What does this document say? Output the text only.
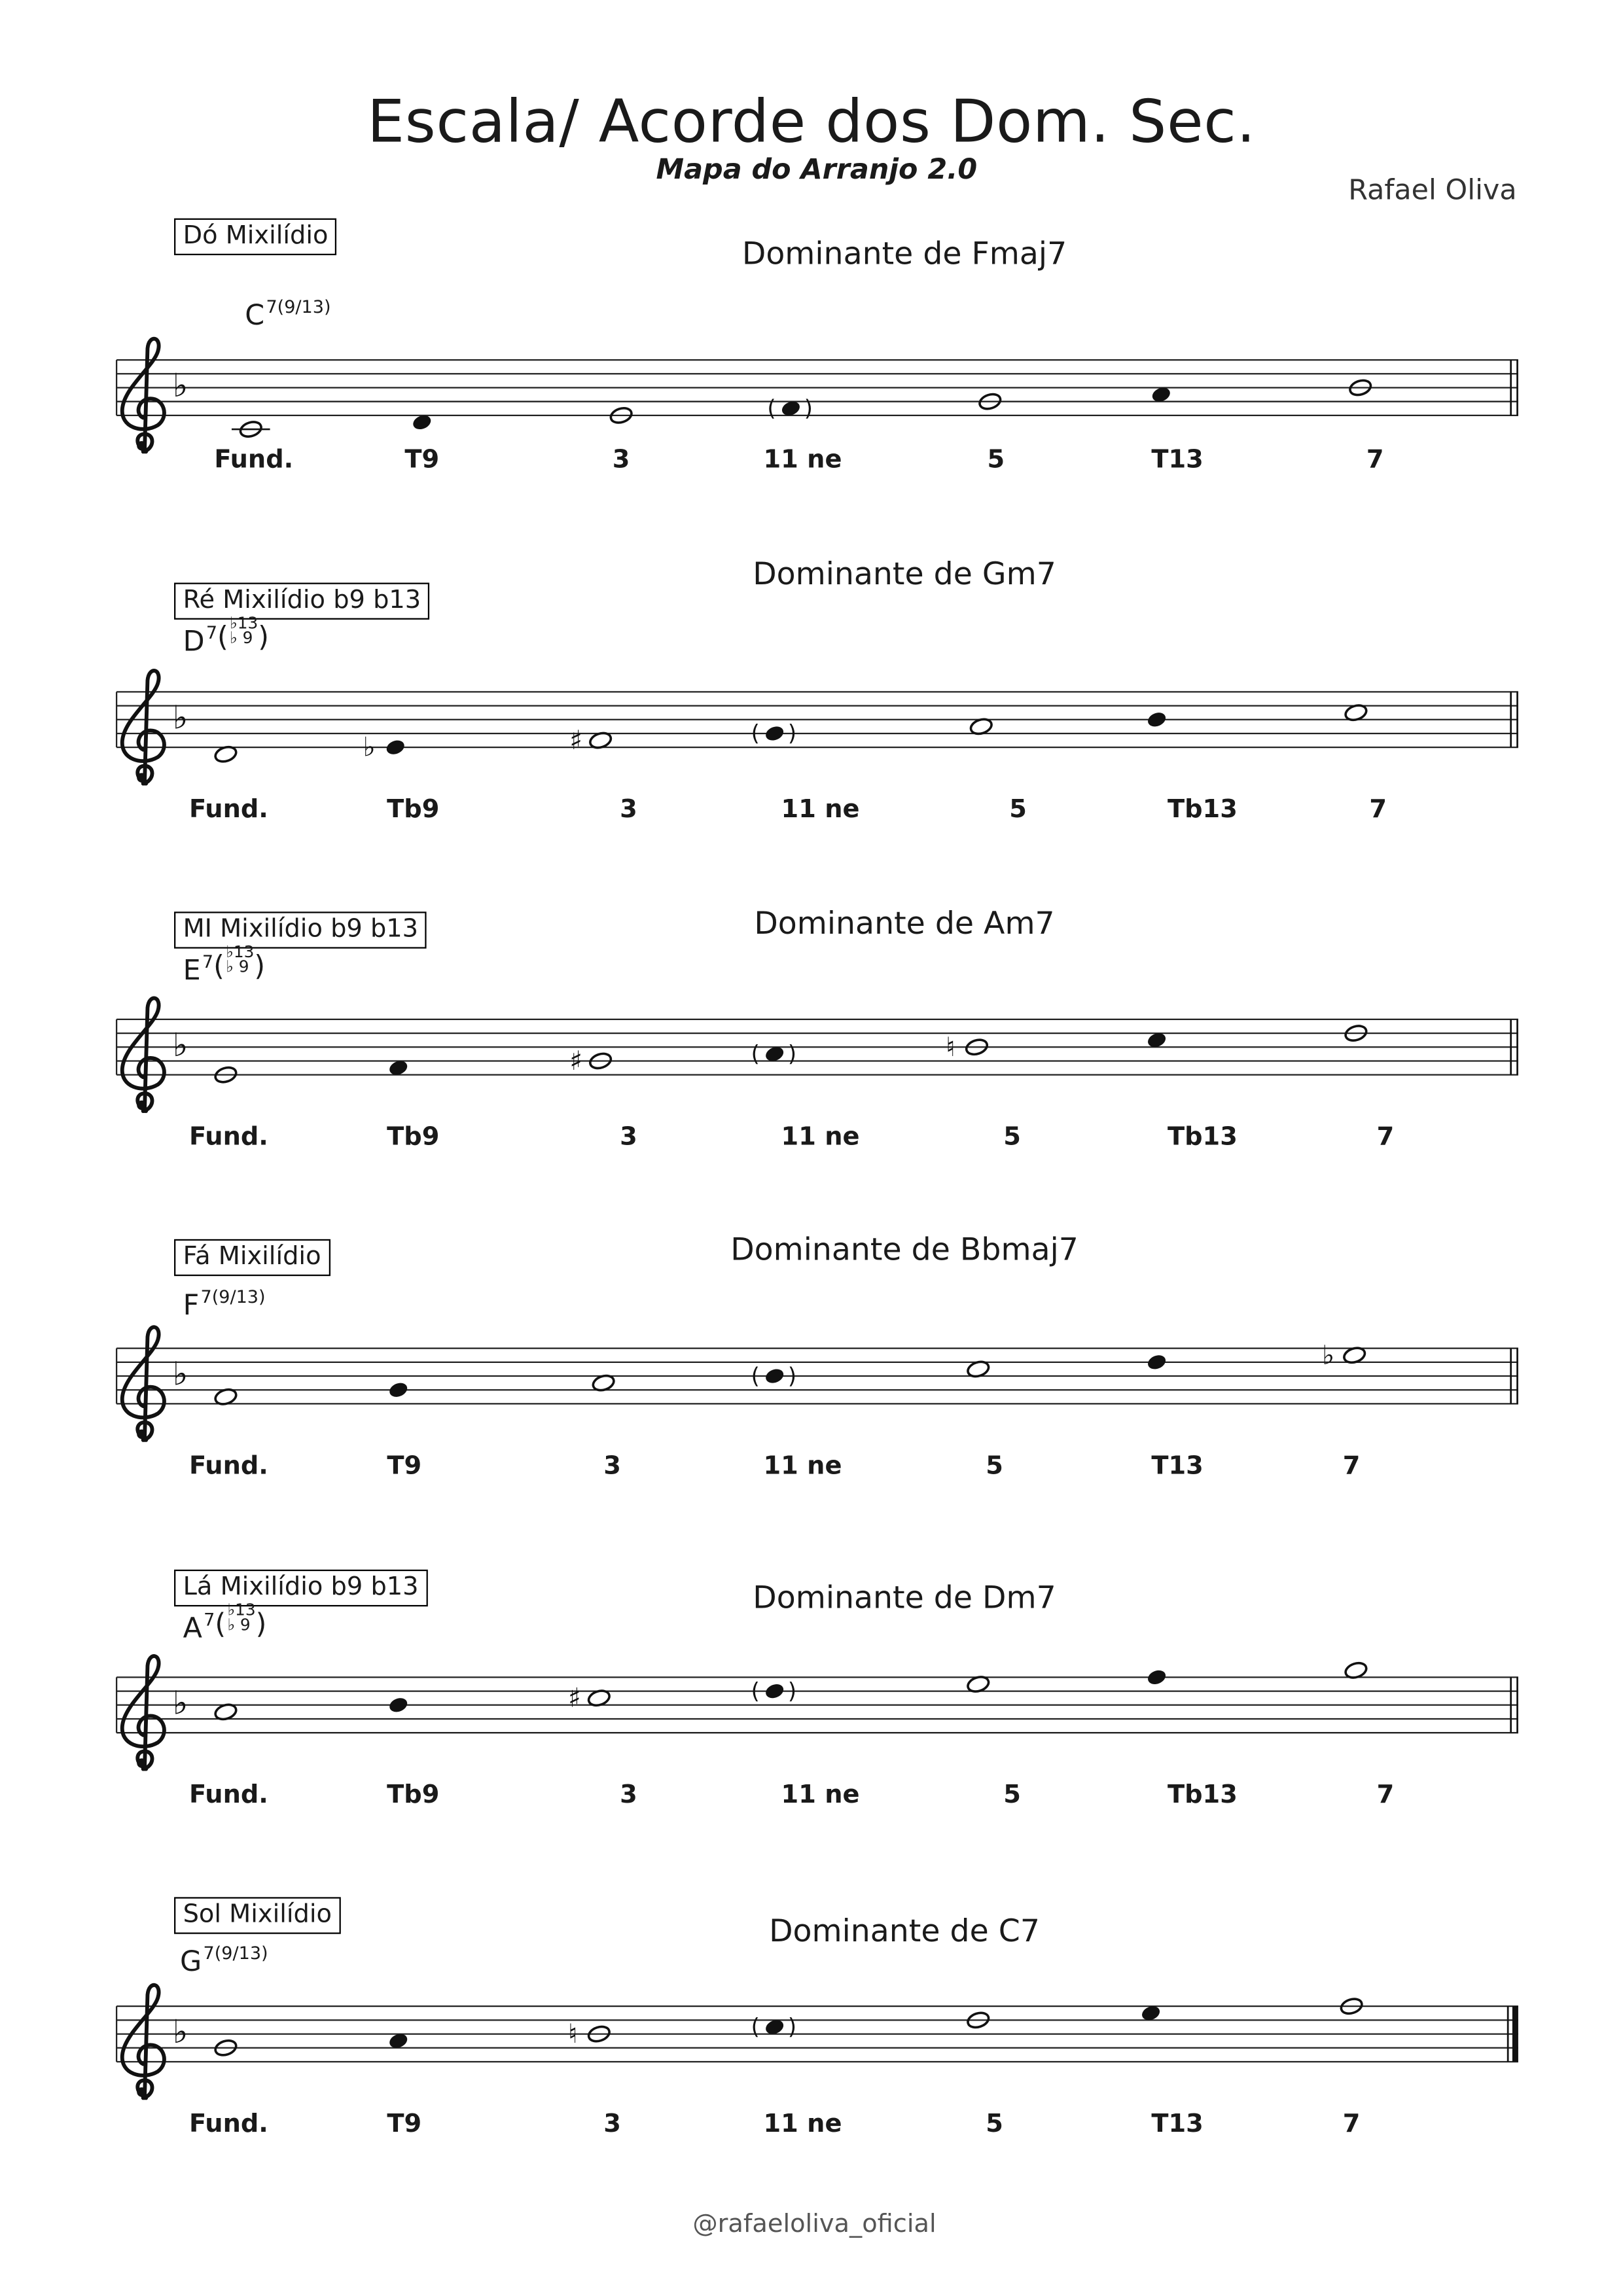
Escala/ Acorde dos Dom. Sec.
Mapa do Arranjo 2.0
Rafael Oliva
Dó Mixilídio
Dominante de Fmaj7
C $^{7(9/13)}$
♭
(	)
Fund.	T9	3	11 ne	5	T13	7
Ré Mixilídio b9 b13
Dominante de Gm7
D $^7$( ♭13
♭ 9 )
♭
♭	♯	(	)
Fund.	Tb9	3	11 ne	5	Tb13	7
MI Mixilídio b9 b13	Dominante de Am7
E $^7$( ♭13
♭ 9 )
♭	♯	(	)	♮
Fund.	Tb9	3	11 ne	5	Tb13	7
Fá Mixilídio	Dominante de Bbmaj7
F $^{7(9/13)}$
♭	(	)
♭
Fund.	T9	3	11 ne	5	T13	7
Lá Mixilídio b9 b13	Dominante de Dm7
A $^7$( ♭13
♭ 9 )
♭	♯	(	)
Fund.	Tb9	3	11 ne	5	Tb13	7
Sol Mixilídio	Dominante de C7
G $^{7(9/13)}$
♭	♮	(	)
Fund.	T9	3	11 ne	5	T13	7
@rafaeloliva_oficial
